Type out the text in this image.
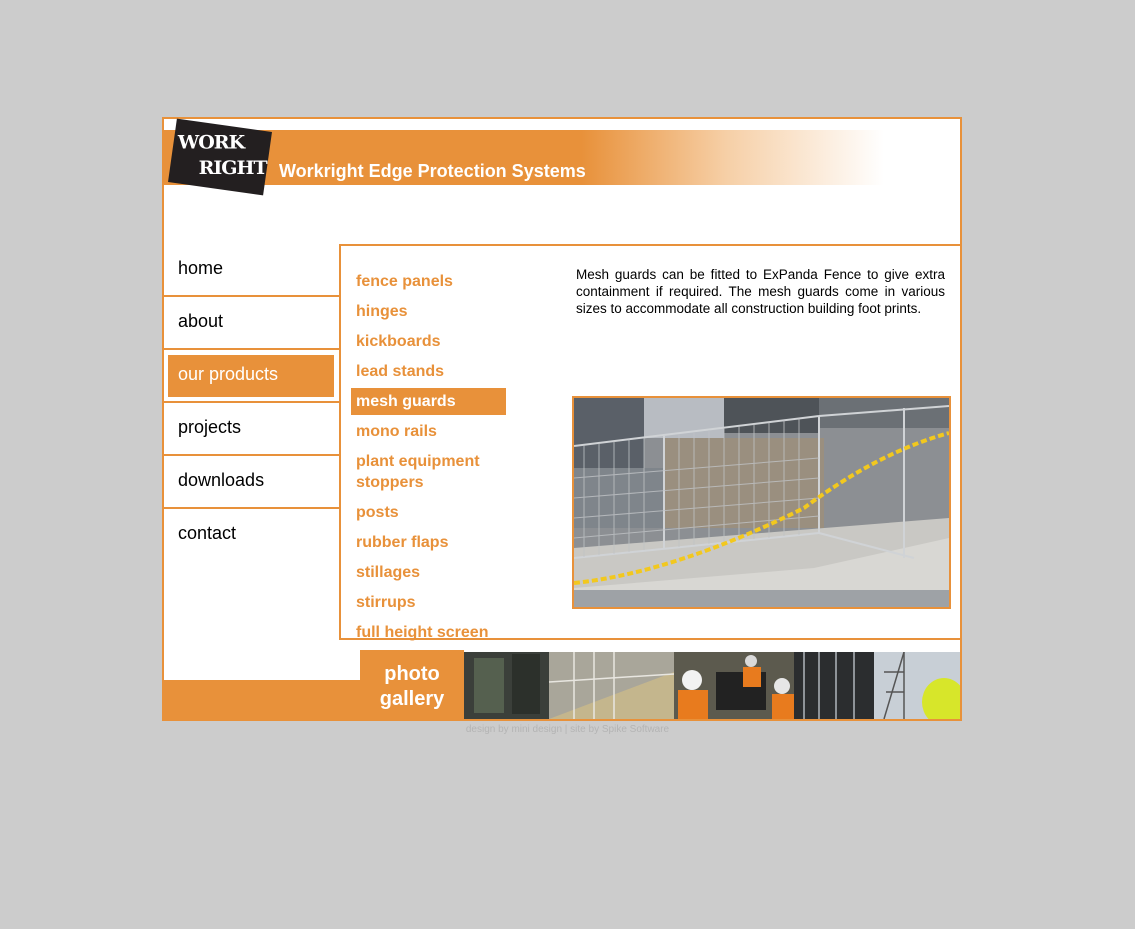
WORK
RIGHT Workright Edge Protection Systems
home
about
our products
projects
downloads
contact
fence panels
hinges
kickboards
lead stands
mesh guards
mono rails
plant equipment stoppers
posts
rubber flaps
stillages
stirrups
full height screen
Mesh guards can be fitted to ExPanda Fence to give extra containment if required. The mesh guards come in various sizes to accommodate all construction building foot prints.
photo
gallery
design by mini design | site by Spike Software
